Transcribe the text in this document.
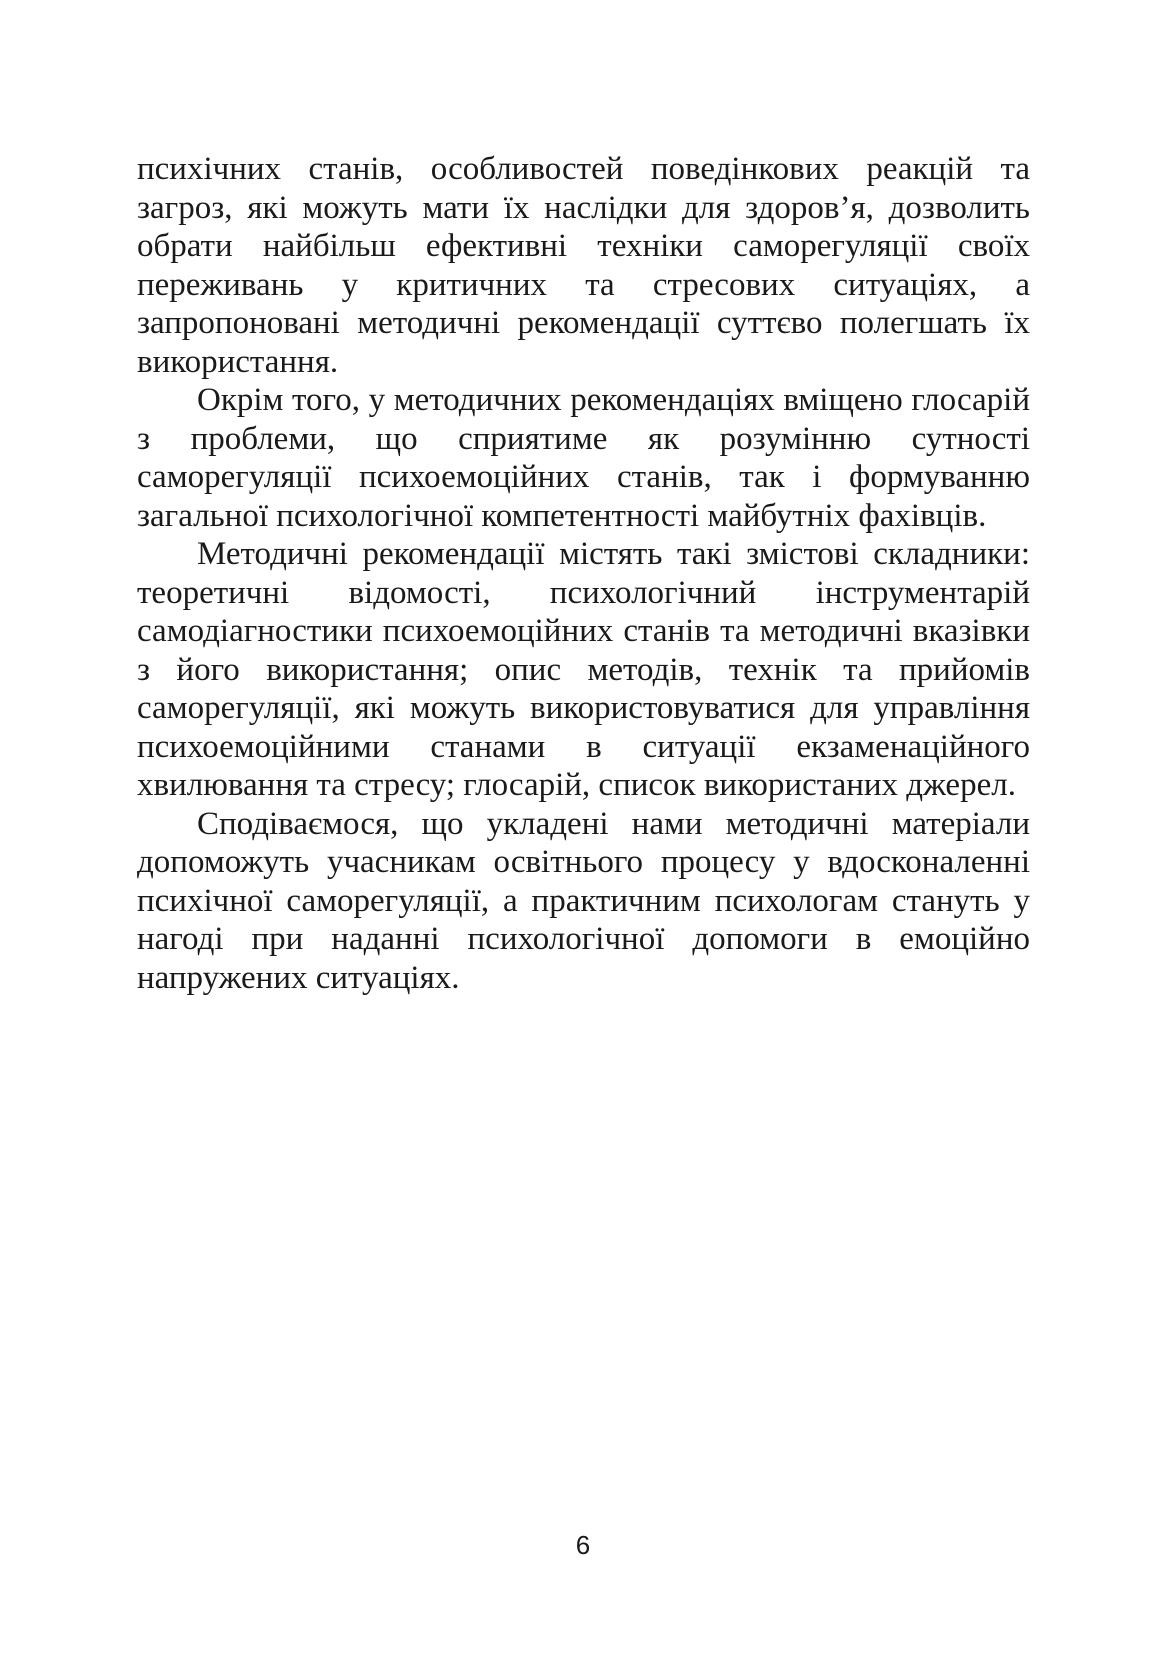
психічних станів, особливостей поведінкових реакцій та загроз, які можуть мати їх наслідки для здоров’я, дозволить обрати найбільш ефективні техніки саморегуляції своїх переживань у критичних та стресових ситуаціях, а запропоновані методичні рекомендації суттєво полегшать їх використання.

Окрім того, у методичних рекомендаціях вміщено глосарій з проблеми, що сприятиме як розумінню сутності саморегуляції психоемоційних станів, так і формуванню загальної психологічної компетентності майбутніх фахівців.

Методичні рекомендації містять такі змістові складники: теоретичні відомості, психологічний інструментарій самодіагностики психоемоційних станів та методичні вказівки з його використання; опис методів, технік та прийомів саморегуляції, які можуть використовуватися для управління психоемоційними станами в ситуації екзаменаційного хвилювання та стресу; глосарій, список використаних джерел.

Сподіваємося, що укладені нами методичні матеріали допоможуть учасникам освітнього процесу у вдосконаленні психічної саморегуляції, а практичним психологам стануть у нагоді при наданні психологічної допомоги в емоційно напружених ситуаціях.

6
